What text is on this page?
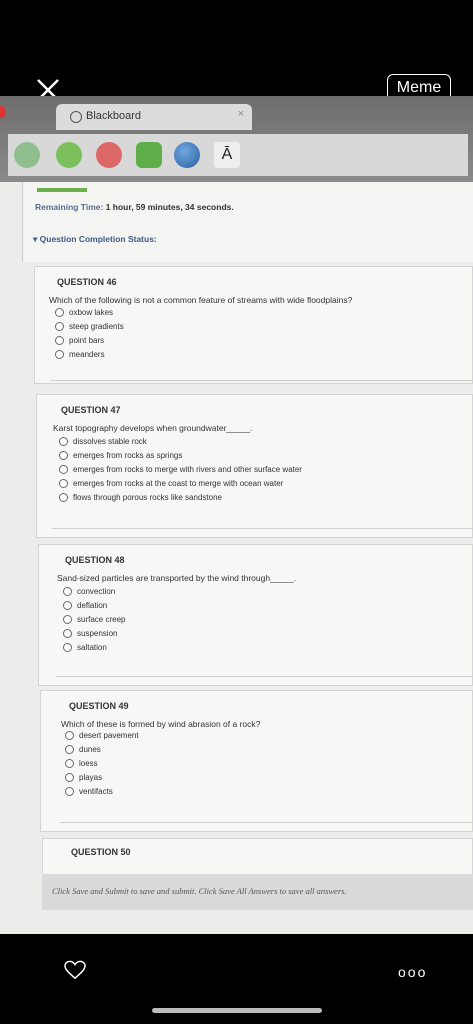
Meme
Blackboard	×
Ā
Remaining Time: 1 hour, 59 minutes, 34 seconds.
▾ Question Completion Status:
QUESTION 46
Which of the following is not a common feature of streams with wide floodplains?
oxbow lakes
steep gradients
point bars
meanders
QUESTION 47
Karst topography develops when groundwater_____.
dissolves stable rock
emerges from rocks as springs
emerges from rocks to merge with rivers and other surface water
emerges from rocks at the coast to merge with ocean water
flows through porous rocks like sandstone
QUESTION 48
Sand-sized particles are transported by the wind through_____.
convection
deflation
surface creep
suspension
saltation
QUESTION 49
Which of these is formed by wind abrasion of a rock?
desert pavement
dunes
loess
playas
ventifacts
QUESTION 50
Click Save and Submit to save and submit. Click Save All Answers to save all answers.
ooo
